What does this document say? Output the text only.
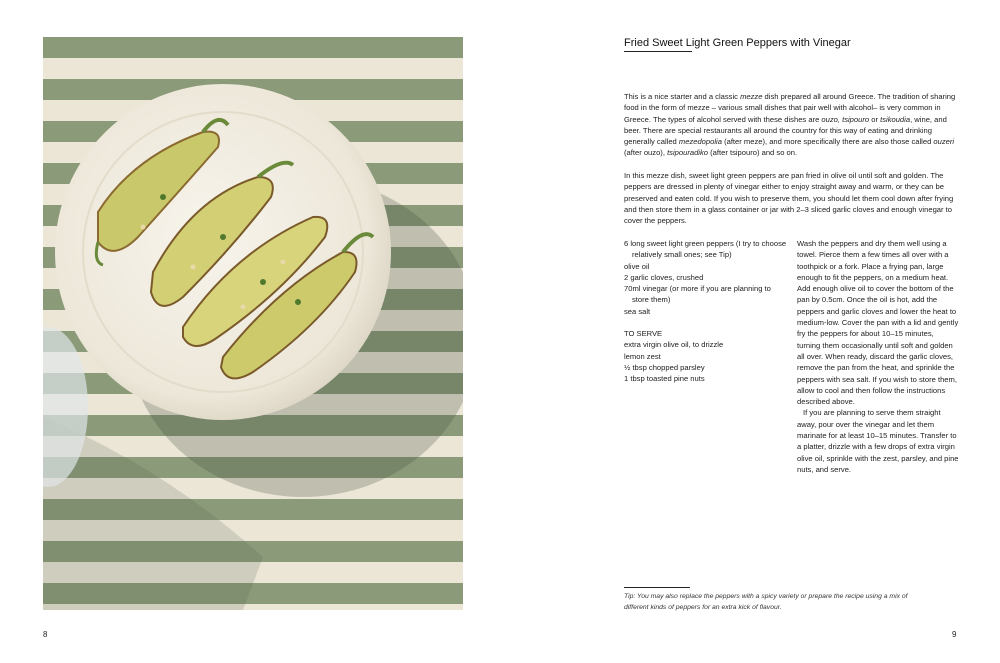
8	9
Fried Sweet Light Green Peppers with Vinegar

This is a nice starter and a classic mezze dish prepared all around Greece. The tradition of sharing food in the form of mezze – various small dishes that pair well with alcohol– is very common in Greece. The types of alcohol served with these dishes are ouzo, tsipouro or tsikoudia, wine, and beer. There are special restaurants all around the country for this way of eating and drinking generally called mezedopolia (after meze), and more specifically there are also those called ouzeri (after ouzo), tsipouradiko (after tsipouro) and so on.

In this mezze dish, sweet light green peppers are pan fried in olive oil until soft and golden. The peppers are dressed in plenty of vinegar either to enjoy straight away and warm, or they can be preserved and eaten cold. If you wish to preserve them, you should let them cool down after frying and then store them in a glass container or jar with 2–3 sliced garlic cloves and enough vinegar to cover the peppers.

6 long sweet light green peppers (I try to choose relatively small ones; see Tip)
olive oil
2 garlic cloves, crushed
70ml vinegar (or more if you are planning to store them)
sea salt
TO SERVE
extra virgin olive oil, to drizzle
lemon zest
½ tbsp chopped parsley
1 tbsp toasted pine nuts

Wash the peppers and dry them well using a towel. Pierce them a few times all over with a toothpick or a fork. Place a frying pan, large enough to fit the peppers, on a medium heat. Add enough olive oil to cover the bottom of the pan by 0.5cm. Once the oil is hot, add the peppers and garlic cloves and lower the heat to medium-low. Cover the pan with a lid and gently fry the peppers for about 10–15 minutes, turning them occasionally until soft and golden all over. When ready, discard the garlic cloves, remove the pan from the heat, and sprinkle the peppers with sea salt. If you wish to store them, allow to cool and then follow the instructions described above.

If you are planning to serve them straight away, pour over the vinegar and let them marinate for at least 10–15 minutes. Transfer to a platter, drizzle with a few drops of extra virgin olive oil, sprinkle with the zest, parsley, and pine nuts, and serve.

Tip: You may also replace the peppers with a spicy variety or prepare the recipe using a mix of different kinds of peppers for an extra kick of flavour.
